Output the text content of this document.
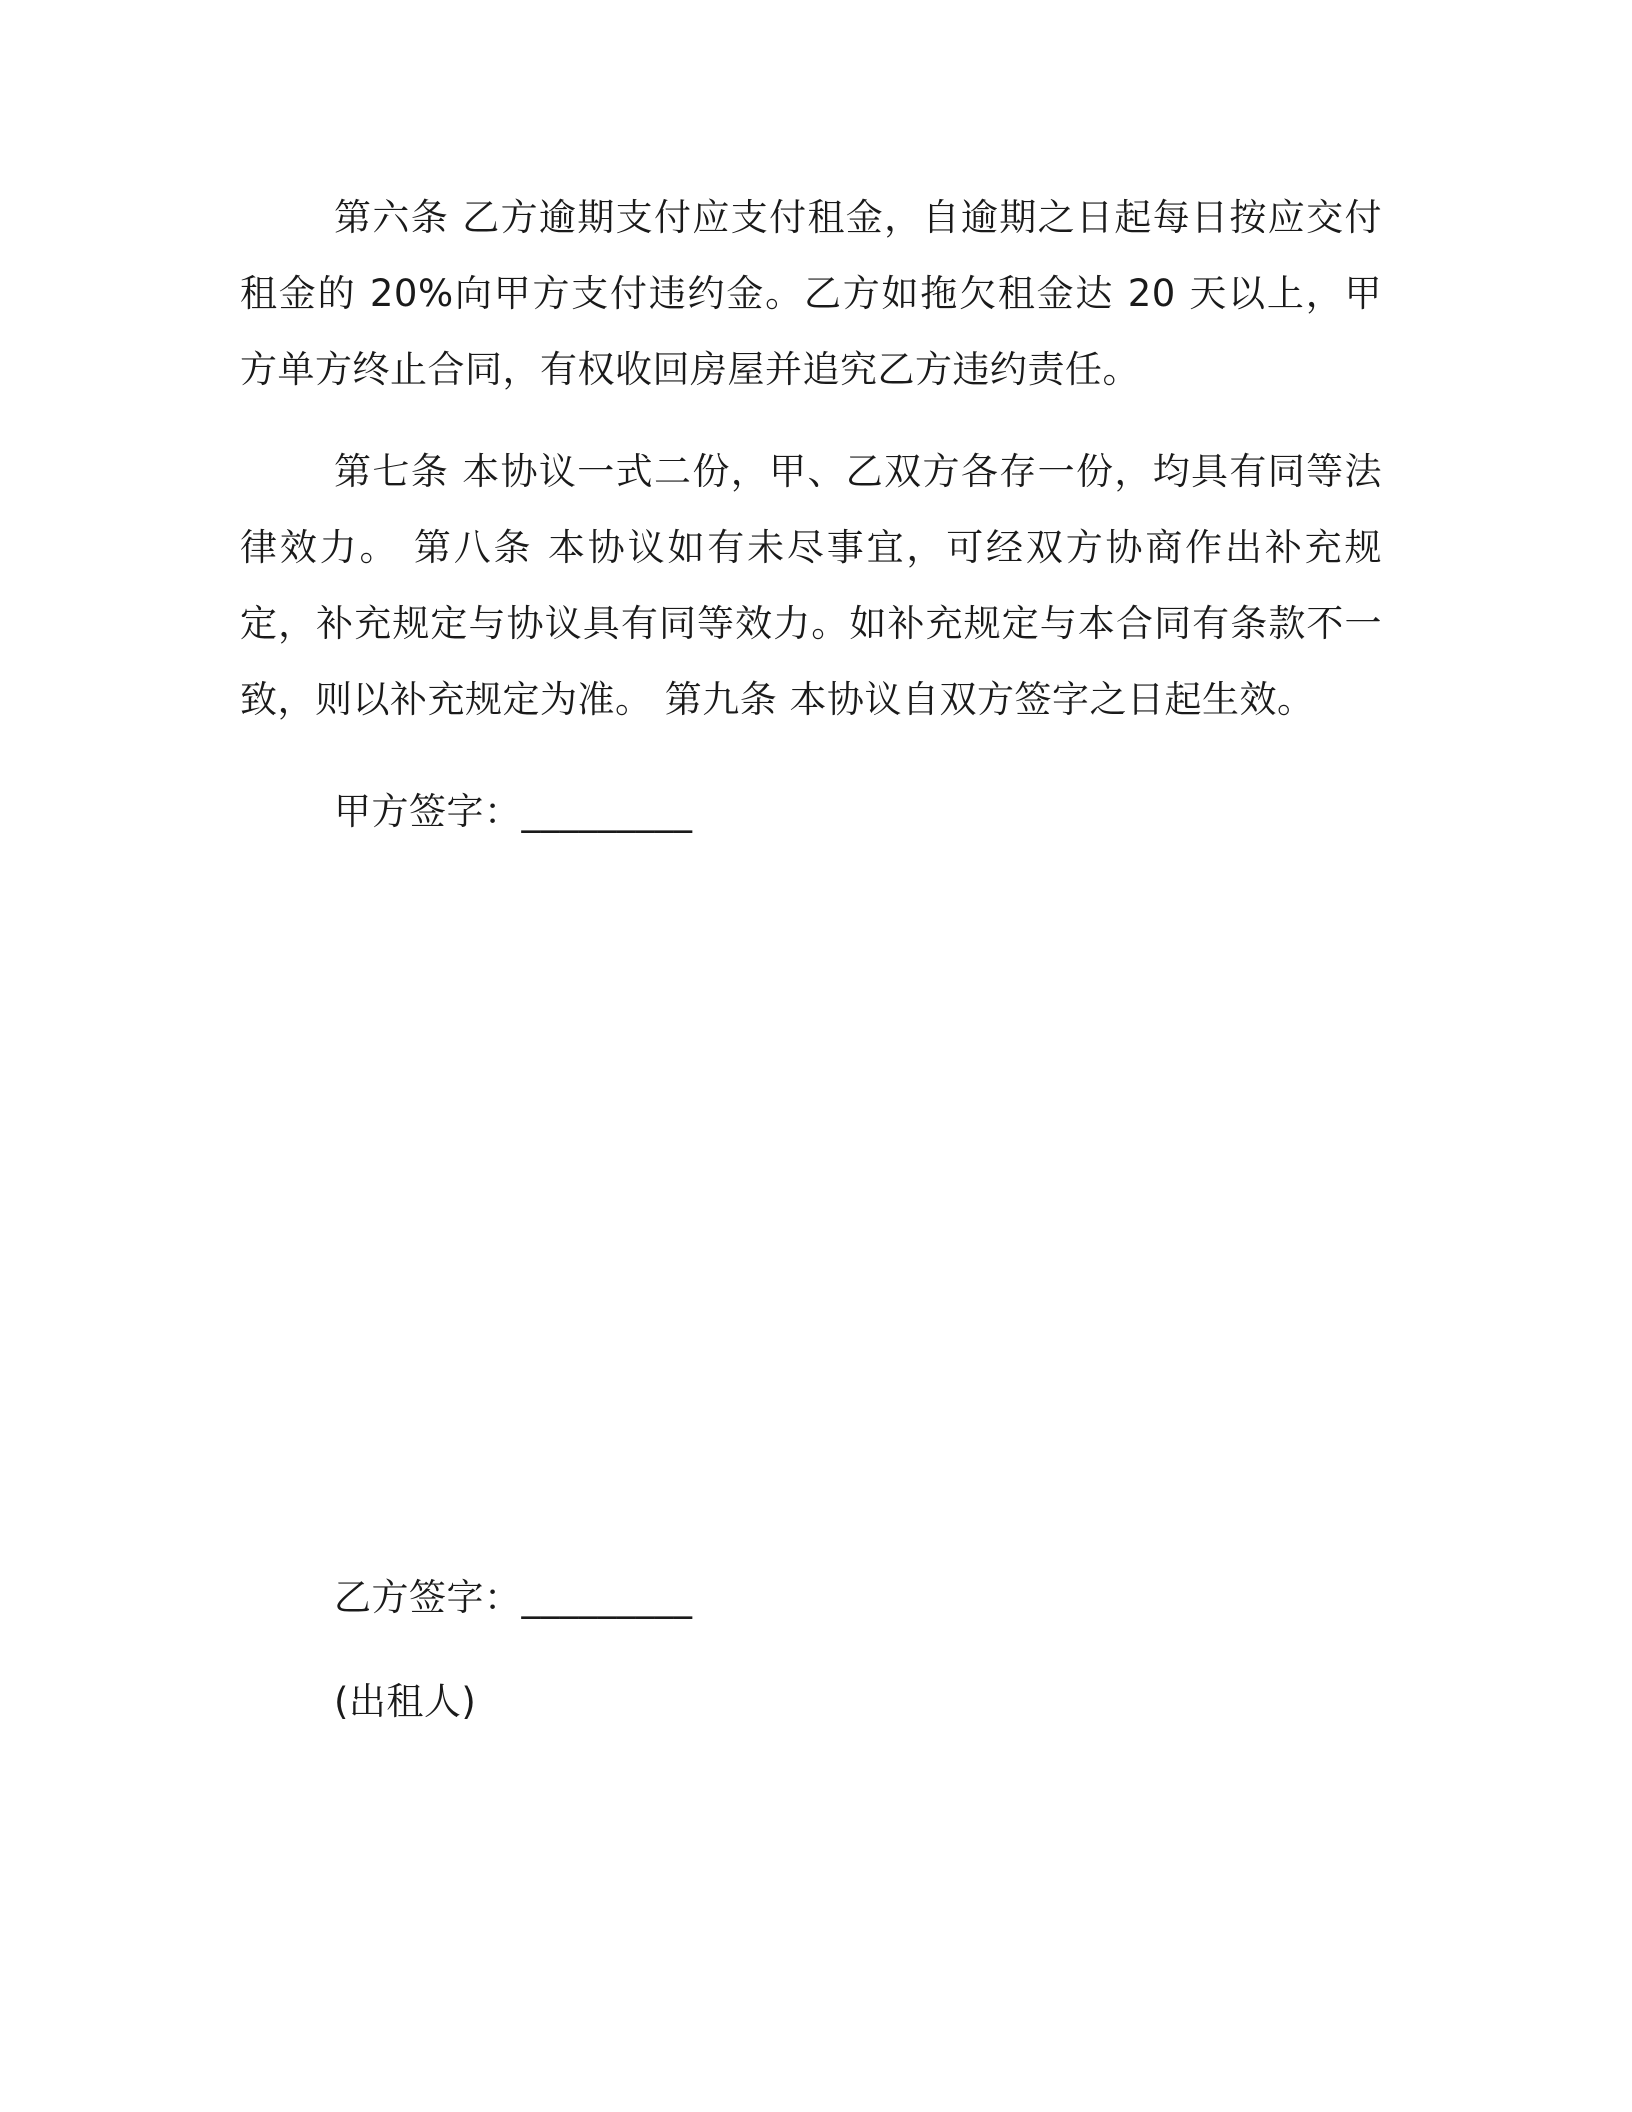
第六条 乙方逾期支付应支付租金，自逾期之日起每日按应交付租金的 20%向甲方支付违约金。乙方如拖欠租金达 20 天以上，甲方单方终止合同，有权收回房屋并追究乙方违约责任。

第七条 本协议一式二份，甲、乙双方各存一份，均具有同等法律效力。 第八条 本协议如有未尽事宜，可经双方协商作出补充规定，补充规定与协议具有同等效力。如补充规定与本合同有条款不一致，则以补充规定为准。 第九条 本协议自双方签字之日起生效。

甲方签字：_________
乙方签字：_________
(出租人)
